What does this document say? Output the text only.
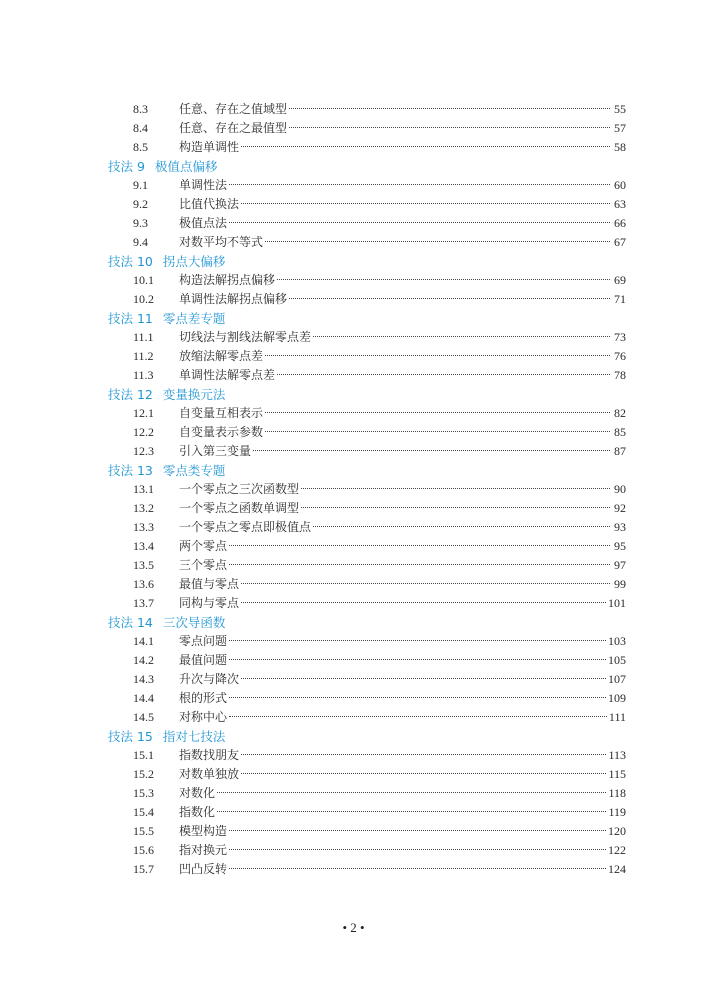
8.3	任意、存在之值域型	55
8.4	任意、存在之最值型	57
8.5	构造单调性	58
技法 9 极值点偏移
9.1	单调性法	60
9.2	比值代换法	63
9.3	极值点法	66
9.4	对数平均不等式	67
技法 10 拐点大偏移
10.1	构造法解拐点偏移	69
10.2	单调性法解拐点偏移	71
技法 11 零点差专题
11.1	切线法与割线法解零点差	73
11.2	放缩法解零点差	76
11.3	单调性法解零点差	78
技法 12 变量换元法
12.1	自变量互相表示	82
12.2	自变量表示参数	85
12.3	引入第三变量	87
技法 13 零点类专题
13.1	一个零点之三次函数型	90
13.2	一个零点之函数单调型	92
13.3	一个零点之零点即极值点	93
13.4	两个零点	95
13.5	三个零点	97
13.6	最值与零点	99
13.7	同构与零点	101
技法 14 三次导函数
14.1	零点问题	103
14.2	最值问题	105
14.3	升次与降次	107
14.4	根的形式	109
14.5	对称中心	111
技法 15 指对七技法
15.1	指数找朋友	113
15.2	对数单独放	115
15.3	对数化	118
15.4	指数化	119
15.5	模型构造	120
15.6	指对换元	122
15.7	凹凸反转	124
• 2 •
